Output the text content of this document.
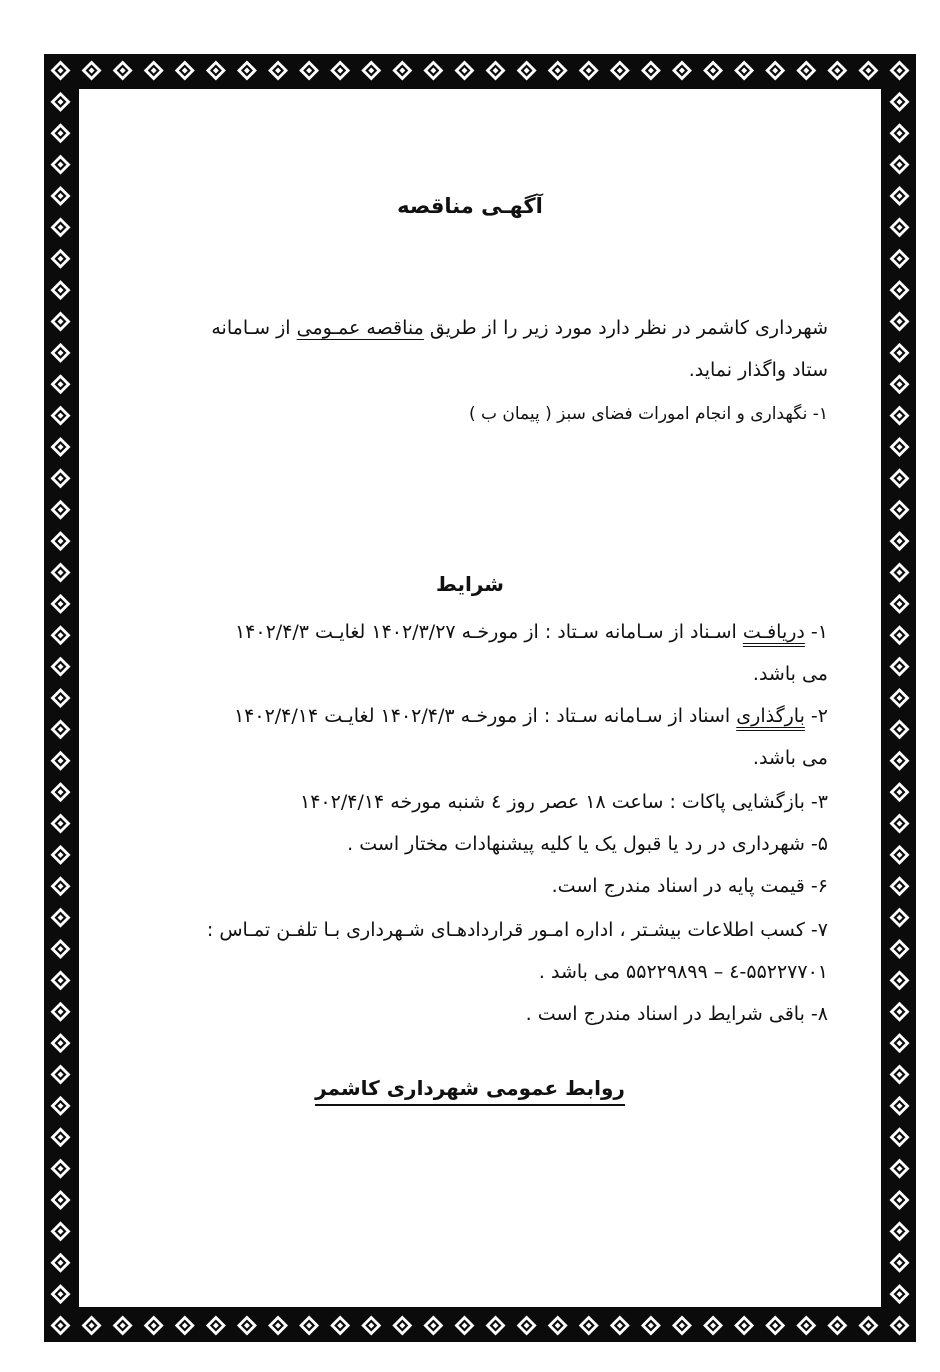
آگهـی مناقصه
شهرداری کاشمر در نظر دارد مورد زیر را از طریق مناقصه عمـومی از سـامانه
ستاد واگذار نماید.
۱- نگهداری و انجام امورات فضای سبز ( پیمان ب )
شرایط
۱- دریافـت اسـناد از سـامانه سـتاد : از مورخـه ۱۴۰۲/۳/۲۷ لغایـت ۱۴۰۲/۴/۳
می باشد.
۲- بارگذاری اسناد از سـامانه سـتاد : از مورخـه ۱۴۰۲/۴/۳ لغایـت ۱۴۰۲/۴/۱۴
می باشد.
۳- بازگشایی پاکات : ساعت ۱۸ عصر روز ٤ شنبه مورخه ۱۴۰۲/۴/۱۴
۵- شهرداری در رد یا قبول یک یا کلیه پیشنهادات مختار است .
۶- قیمت پایه در اسناد مندرج است.
۷- کسب اطلاعات بیشـتر ، اداره امـور قراردادهـای شـهرداری بـا تلفـن تمـاس :
۵۵۲۲۷۷۰۱-٤ – ۵۵۲۲۹۸۹۹ می باشد .
۸- باقی شرایط در اسناد مندرج است .
روابط عمومی شهرداری کاشمر
